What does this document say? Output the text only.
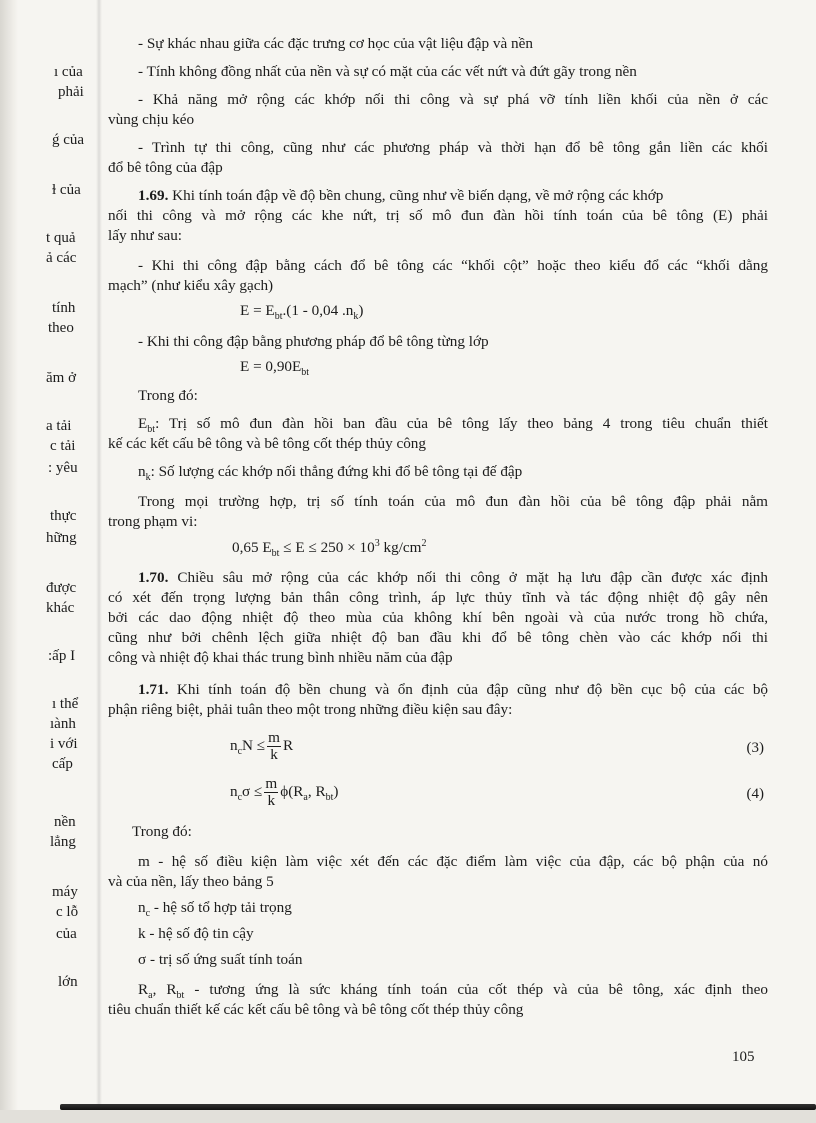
ı của
phải
ǵ của
ɫ của
t quả
ả các
tính
theo
ăm ở
a tải
c tải
: yêu
thực
hững
được
khác
:ấp I
ı thể
ıành
i với
cấp
nền
lẳng
máy
c lỗ
của
lớn
- Sự khác nhau giữa các đặc trưng cơ học của vật liệu đập và nền
- Tính không đồng nhất của nền và sự có mặt của các vết nứt và đứt gãy trong nền
- Khả năng mở rộng các khớp nối thi công và sự phá vỡ tính liền khối của nền ở các
vùng chịu kéo
- Trình tự thi công, cũng như các phương pháp và thời hạn đổ bê tông gắn liền các khối
đổ bê tông của đập
1.69. Khi tính toán đập về độ bền chung, cũng như về biến dạng, về mở rộng các khớp
nối thi công và mở rộng các khe nứt, trị số mô đun đàn hồi tính toán của bê tông (E) phải
lấy như sau:
- Khi thi công đập bằng cách đổ bê tông các “khối cột” hoặc theo kiểu đổ các “khối dằng
mạch” (như kiểu xây gạch)
$E = E_{bt}.(1 - 0,04$ $.n_k$)
- Khi thi công đập bằng phương pháp đổ bê tông từng lớp
$E = 0,90E_{bt}$
Trong đó:
$E_{bt}$: Trị số mô đun đàn hồi ban đầu của bê tông lấy theo bảng 4 trong tiêu chuẩn thiết
kế các kết cấu bê tông và bê tông cốt thép thủy công
$n_k$: Số lượng các khớp nối thẳng đứng khi đổ bê tông tại đế đập
Trong mọi trường hợp, trị số tính toán của mô đun đàn hồi của bê tông đập phải nằm
trong phạm vi:
0,65 $E_{bt} \le E \le 250 \times 10^3$ $kg/cm^2$
1.70. Chiều sâu mở rộng của các khớp nối thi công ở mặt hạ lưu đập cần được xác định
có xét đến trọng lượng bản thân công trình, áp lực thủy tĩnh và tác động nhiệt độ gây nên
bởi các dao động nhiệt độ theo mùa của không khí bên ngoài và của nước trong hồ chứa,
cũng như bởi chênh lệch giữa nhiệt độ ban đầu khi đổ bê tông chèn vào các khớp nối thi
công và nhiệt độ khai thác trung bình nhiều năm của đập
1.71. Khi tính toán độ bền chung và ổn định của đập cũng như độ bền cục bộ của các bộ
phận riêng biệt, phải tuân theo một trong những điều kiện sau đây:
$n_cN \le \frac{m}{k}$ R	(3)
$n_c\sigma \le \frac{m}{k} \phi(R_a$, $R_{bt}$)	(4)
Trong đó:
m - hệ số điều kiện làm việc xét đến các đặc điểm làm việc của đập, các bộ phận của nó
và của nền, lấy theo bảng 5
$n_c$ - hệ số tổ hợp tải trọng
k - hệ số độ tin cậy
σ - trị số ứng suất tính toán
$R_a$, $R_{bt}$ - tương ứng là sức kháng tính toán của cốt thép và của bê tông, xác định theo
tiêu chuẩn thiết kế các kết cấu bê tông và bê tông cốt thép thủy công
105
